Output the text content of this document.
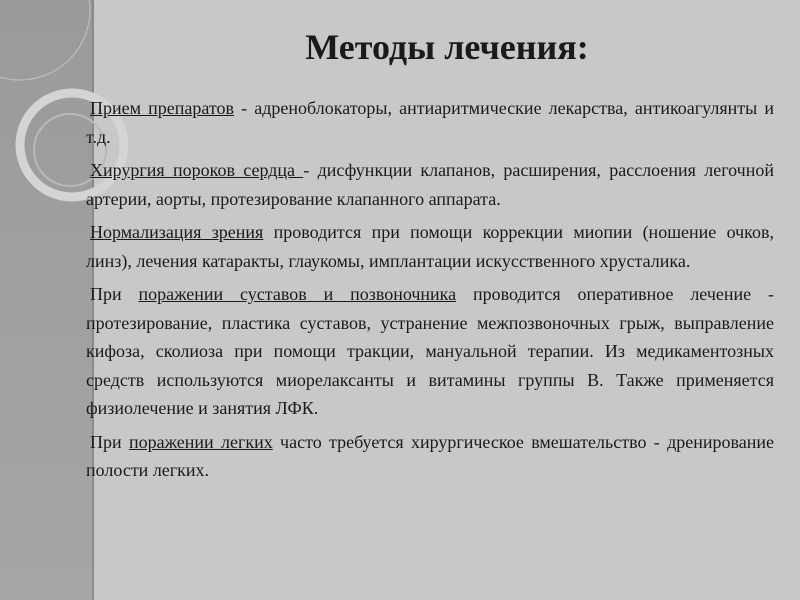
Методы лечения:

Прием препаратов - адреноблокаторы, антиаритмические лекарства, антикоагулянты и т.д.

Хирургия пороков сердца - дисфункции клапанов, расширения, расслоения легочной артерии, аорты, протезирование клапанного аппарата.

Нормализация зрения проводится при помощи коррекции миопии (ношение очков, линз), лечения катаракты, глаукомы, имплантации искусственного хрусталика.

При поражении суставов и позвоночника проводится оперативное лечение - протезирование, пластика суставов, устранение межпозвоночных грыж, выправление кифоза, сколиоза при помощи тракции, мануальной терапии. Из медикаментозных средств используются миорелаксанты и витамины группы В. Также применяется физиолечение и занятия ЛФК.

При поражении легких часто требуется хирургическое вмешательство - дренирование полости легких.
